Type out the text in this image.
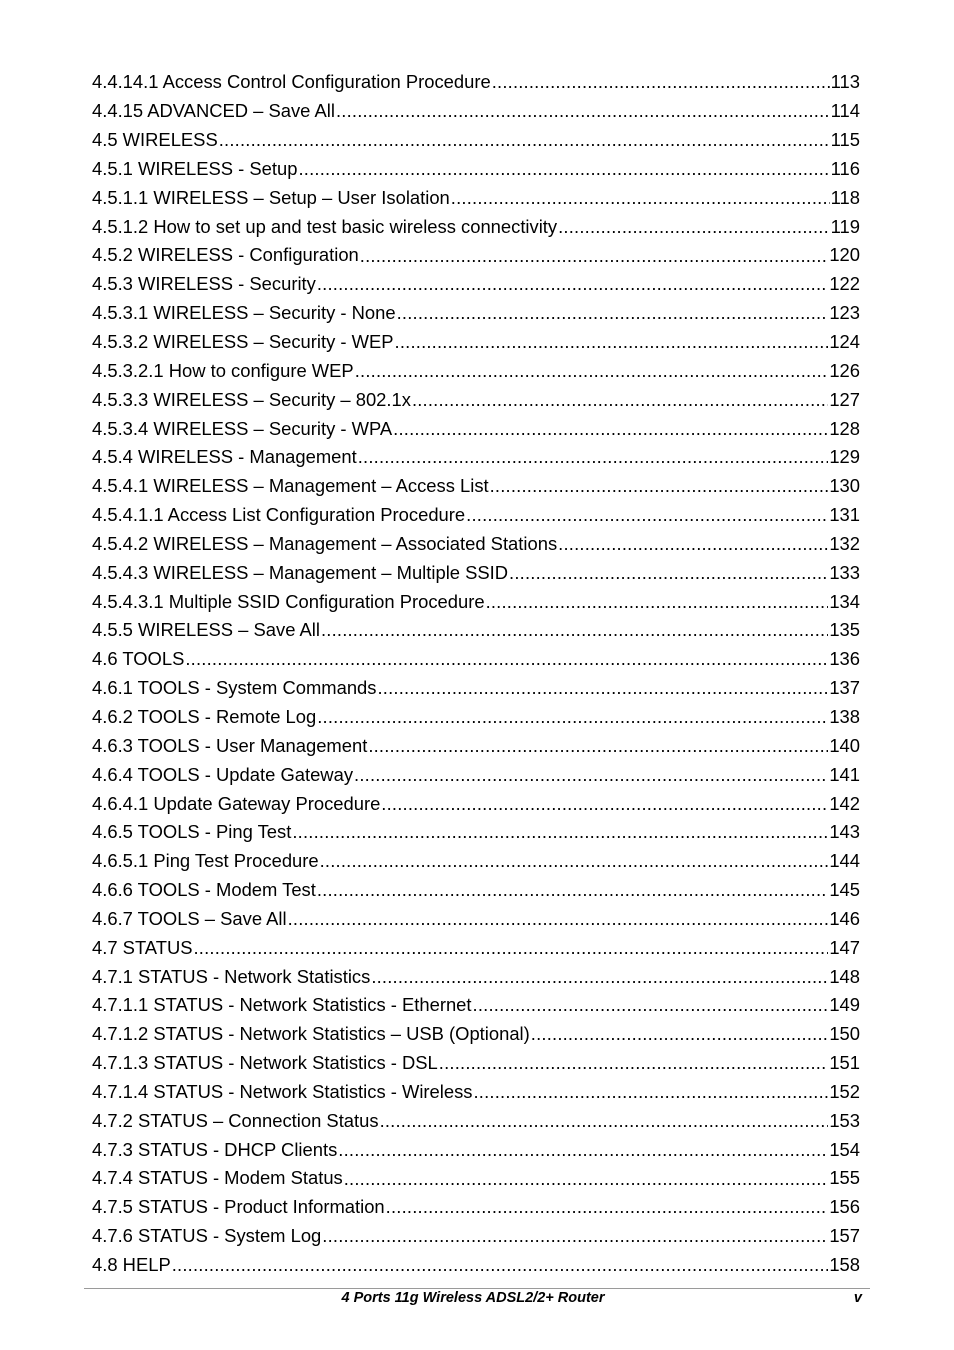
4.4.14.1 Access Control Configuration Procedure .....	113
4.4.15 ADVANCED – Save All .....	114
4.5 WIRELESS .....	115
4.5.1 WIRELESS - Setup .....	116
4.5.1.1 WIRELESS – Setup – User Isolation .....	118
4.5.1.2 How to set up and test basic wireless connectivity .....	119
4.5.2 WIRELESS - Configuration .....	120
4.5.3 WIRELESS - Security .....	122
4.5.3.1 WIRELESS – Security - None .....	123
4.5.3.2 WIRELESS – Security - WEP .....	124
4.5.3.2.1 How to configure WEP .....	126
4.5.3.3 WIRELESS – Security – 802.1x .....	127
4.5.3.4 WIRELESS – Security - WPA .....	128
4.5.4 WIRELESS - Management .....	129
4.5.4.1 WIRELESS – Management – Access List .....	130
4.5.4.1.1 Access List Configuration Procedure .....	131
4.5.4.2 WIRELESS – Management – Associated Stations .....	132
4.5.4.3 WIRELESS – Management – Multiple SSID .....	133
4.5.4.3.1 Multiple SSID Configuration Procedure .....	134
4.5.5 WIRELESS – Save All .....	135
4.6 TOOLS .....	136
4.6.1 TOOLS - System Commands .....	137
4.6.2 TOOLS - Remote Log .....	138
4.6.3 TOOLS - User Management .....	140
4.6.4 TOOLS - Update Gateway .....	141
4.6.4.1 Update Gateway Procedure .....	142
4.6.5 TOOLS - Ping Test .....	143
4.6.5.1 Ping Test Procedure .....	144
4.6.6 TOOLS - Modem Test .....	145
4.6.7 TOOLS – Save All .....	146
4.7 STATUS .....	147
4.7.1 STATUS - Network Statistics .....	148
4.7.1.1 STATUS - Network Statistics - Ethernet .....	149
4.7.1.2 STATUS - Network Statistics – USB (Optional) .....	150
4.7.1.3 STATUS - Network Statistics - DSL .....	151
4.7.1.4 STATUS - Network Statistics - Wireless .....	152
4.7.2 STATUS – Connection Status .....	153
4.7.3 STATUS - DHCP Clients .....	154
4.7.4 STATUS - Modem Status .....	155
4.7.5 STATUS - Product Information .....	156
4.7.6 STATUS - System Log .....	157
4.8 HELP .....	158
4 Ports 11g Wireless ADSL2/2+ Router	v
